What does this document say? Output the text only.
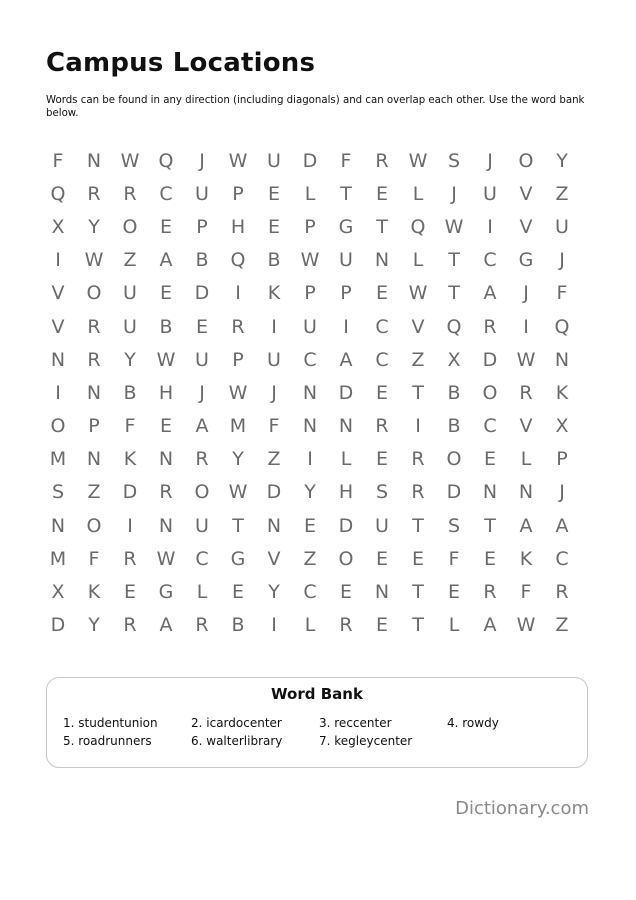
Campus Locations

Words can be found in any direction (including diagonals) and can overlap each other. Use the word bank below.

F	N	W	Q	J	W	U	D	F	R	W	S	J	O	Y
Q	R	R	C	U	P	E	L	T	E	L	J	U	V	Z
X	Y	O	E	P	H	E	P	G	T	Q	W	I	V	U
I	W	Z	A	B	Q	B	W	U	N	L	T	C	G	J
V	O	U	E	D	I	K	P	P	E	W	T	A	J	F
V	R	U	B	E	R	I	U	I	C	V	Q	R	I	Q
N	R	Y	W	U	P	U	C	A	C	Z	X	D	W	N
I	N	B	H	J	W	J	N	D	E	T	B	O	R	K
O	P	F	E	A	M	F	N	N	R	I	B	C	V	X
M	N	K	N	R	Y	Z	I	L	E	R	O	E	L	P
S	Z	D	R	O	W	D	Y	H	S	R	D	N	N	J
N	O	I	N	U	T	N	E	D	U	T	S	T	A	A
M	F	R	W	C	G	V	Z	O	E	E	F	E	K	C
X	K	E	G	L	E	Y	C	E	N	T	E	R	F	R
D	Y	R	A	R	B	I	L	R	E	T	L	A	W	Z
Word Bank
1. studentunion	2. icardocenter	3. reccenter	4. rowdy
5. roadrunners	6. walterlibrary	7. kegleycenter
Dictionary.com
